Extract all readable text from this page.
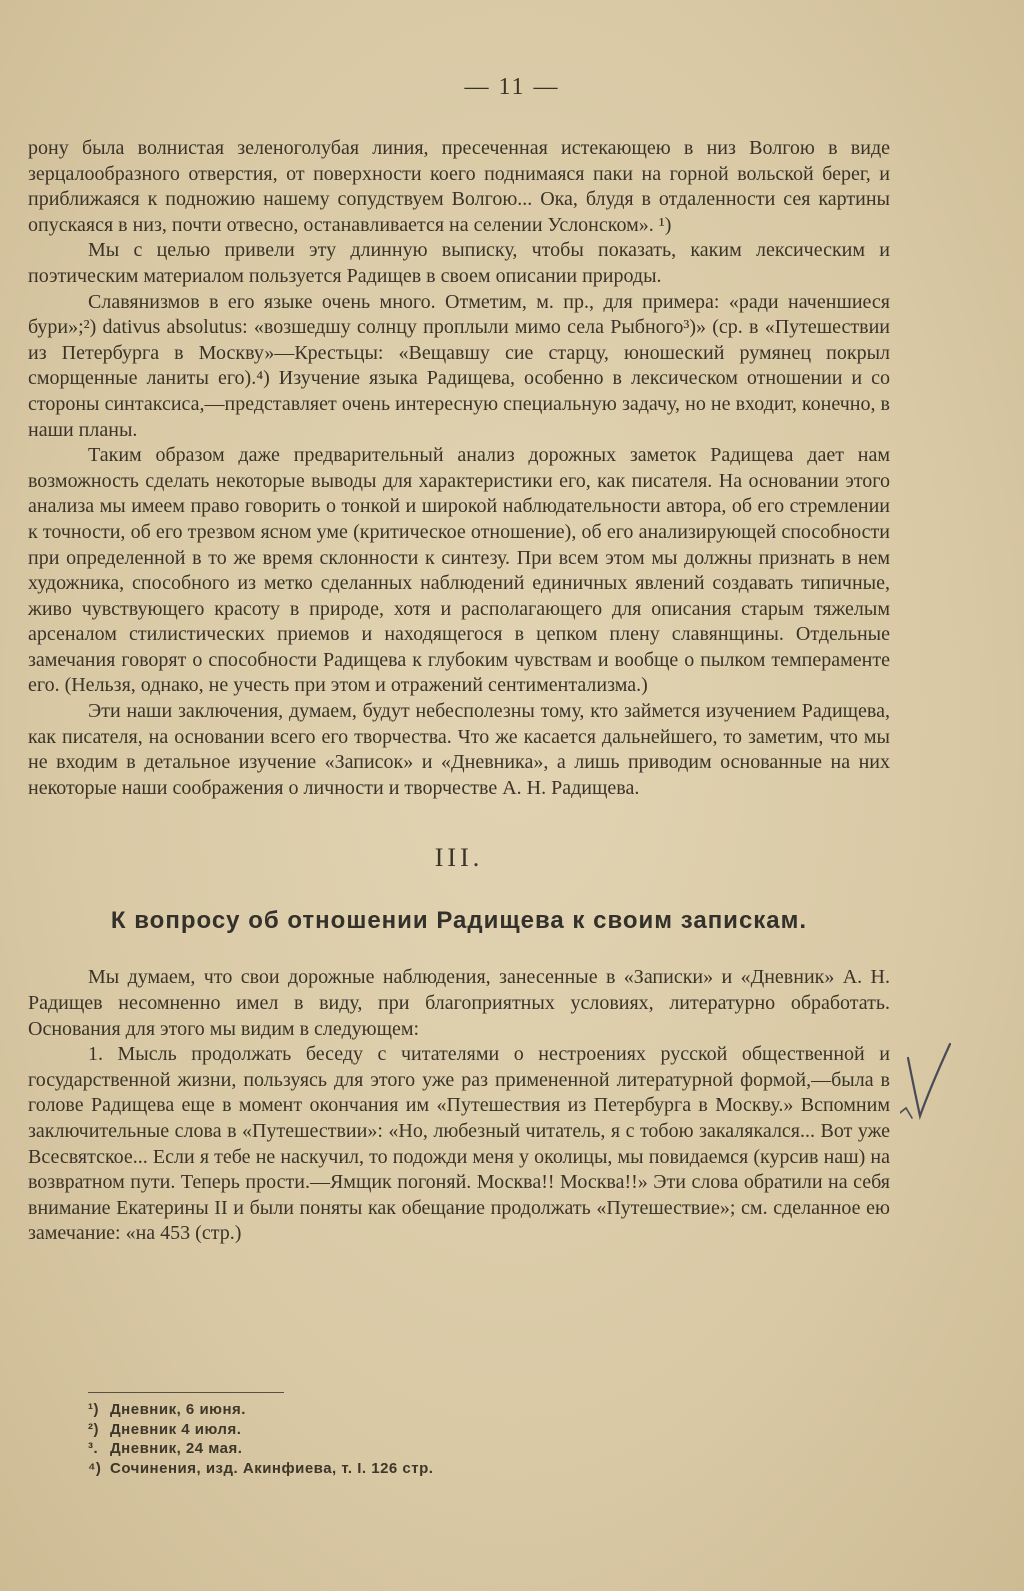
— 11 —

рону была волнистая зеленоголубая линия, пресеченная истекающею в низ Волгою в виде зерцалообразного отверстия, от поверхности коего поднимаяся паки на горной вольской берег, и приближаяся к подножию нашему сопудствуем Волгою... Ока, блудя в отдаленности сея картины опускаяся в низ, почти отвесно, останавливается на селении Услонском». ¹)

Мы с целью привели эту длинную выписку, чтобы показать, каким лексическим и поэтическим материалом пользуется Радищев в своем описании природы.

Славянизмов в его языке очень много. Отметим, м. пр., для примера: «ради наченшиеся бури»;²) dativus absolutus: «возшедшу солнцу проплыли мимо села Рыбного³)» (ср. в «Путешествии из Петербурга в Москву»—Крестьцы: «Вещавшу сие старцу, юношеский румянец покрыл сморщенные ланиты его).⁴) Изучение языка Радищева, особенно в лексическом отношении и со стороны синтаксиса,—представляет очень интересную специальную задачу, но не входит, конечно, в наши планы.

Таким образом даже предварительный анализ дорожных заметок Радищева дает нам возможность сделать некоторые выводы для характеристики его, как писателя. На основании этого анализа мы имеем право говорить о тонкой и широкой наблюдательности автора, об его стремлении к точности, об его трезвом ясном уме (критическое отношение), об его анализирующей способности при определенной в то же время склонности к синтезу. При всем этом мы должны признать в нем художника, способного из метко сделанных наблюдений единичных явлений создавать типичные, живо чувствующего красоту в природе, хотя и располагающего для описания старым тяжелым арсеналом стилистических приемов и находящегося в цепком плену славянщины. Отдельные замечания говорят о способности Радищева к глубоким чувствам и вообще о пылком темпераменте его. (Нельзя, однако, не учесть при этом и отражений сентиментализма.)

Эти наши заключения, думаем, будут небесполезны тому, кто займется изучением Радищева, как писателя, на основании всего его творчества. Что же касается дальнейшего, то заметим, что мы не входим в детальное изучение «Записок» и «Дневника», а лишь приводим основанные на них некоторые наши соображения о личности и творчестве А. Н. Радищева.

III.
К вопросу об отношении Радищева к своим запискам.

Мы думаем, что свои дорожные наблюдения, занесенные в «Записки» и «Дневник» А. Н. Радищев несомненно имел в виду, при благоприятных условиях, литературно обработать. Основания для этого мы видим в следующем:

1. Мысль продолжать беседу с читателями о нестроениях русской общественной и государственной жизни, пользуясь для этого уже раз примененной литературной формой,—была в голове Радищева еще в момент окончания им «Путешествия из Петербурга в Москву.» Вспомним заключительные слова в «Путешествии»: «Но, любезный читатель, я с тобою закалякался... Вот уже Всесвятское... Если я тебе не наскучил, то подожди меня у околицы, мы повидаемся (курсив наш) на возвратном пути. Теперь прости.—Ямщик погоняй. Москва!! Москва!!» Эти слова обратили на себя внимание Екатерины II и были поняты как обещание продолжать «Путешествие»; см. сделанное ею замечание: «на 453 (стр.)

¹) Дневник, 6 июня.
²) Дневник 4 июля.
³. Дневник, 24 мая.
⁴) Сочинения, изд. Акинфиева, т. I. 126 стр.
